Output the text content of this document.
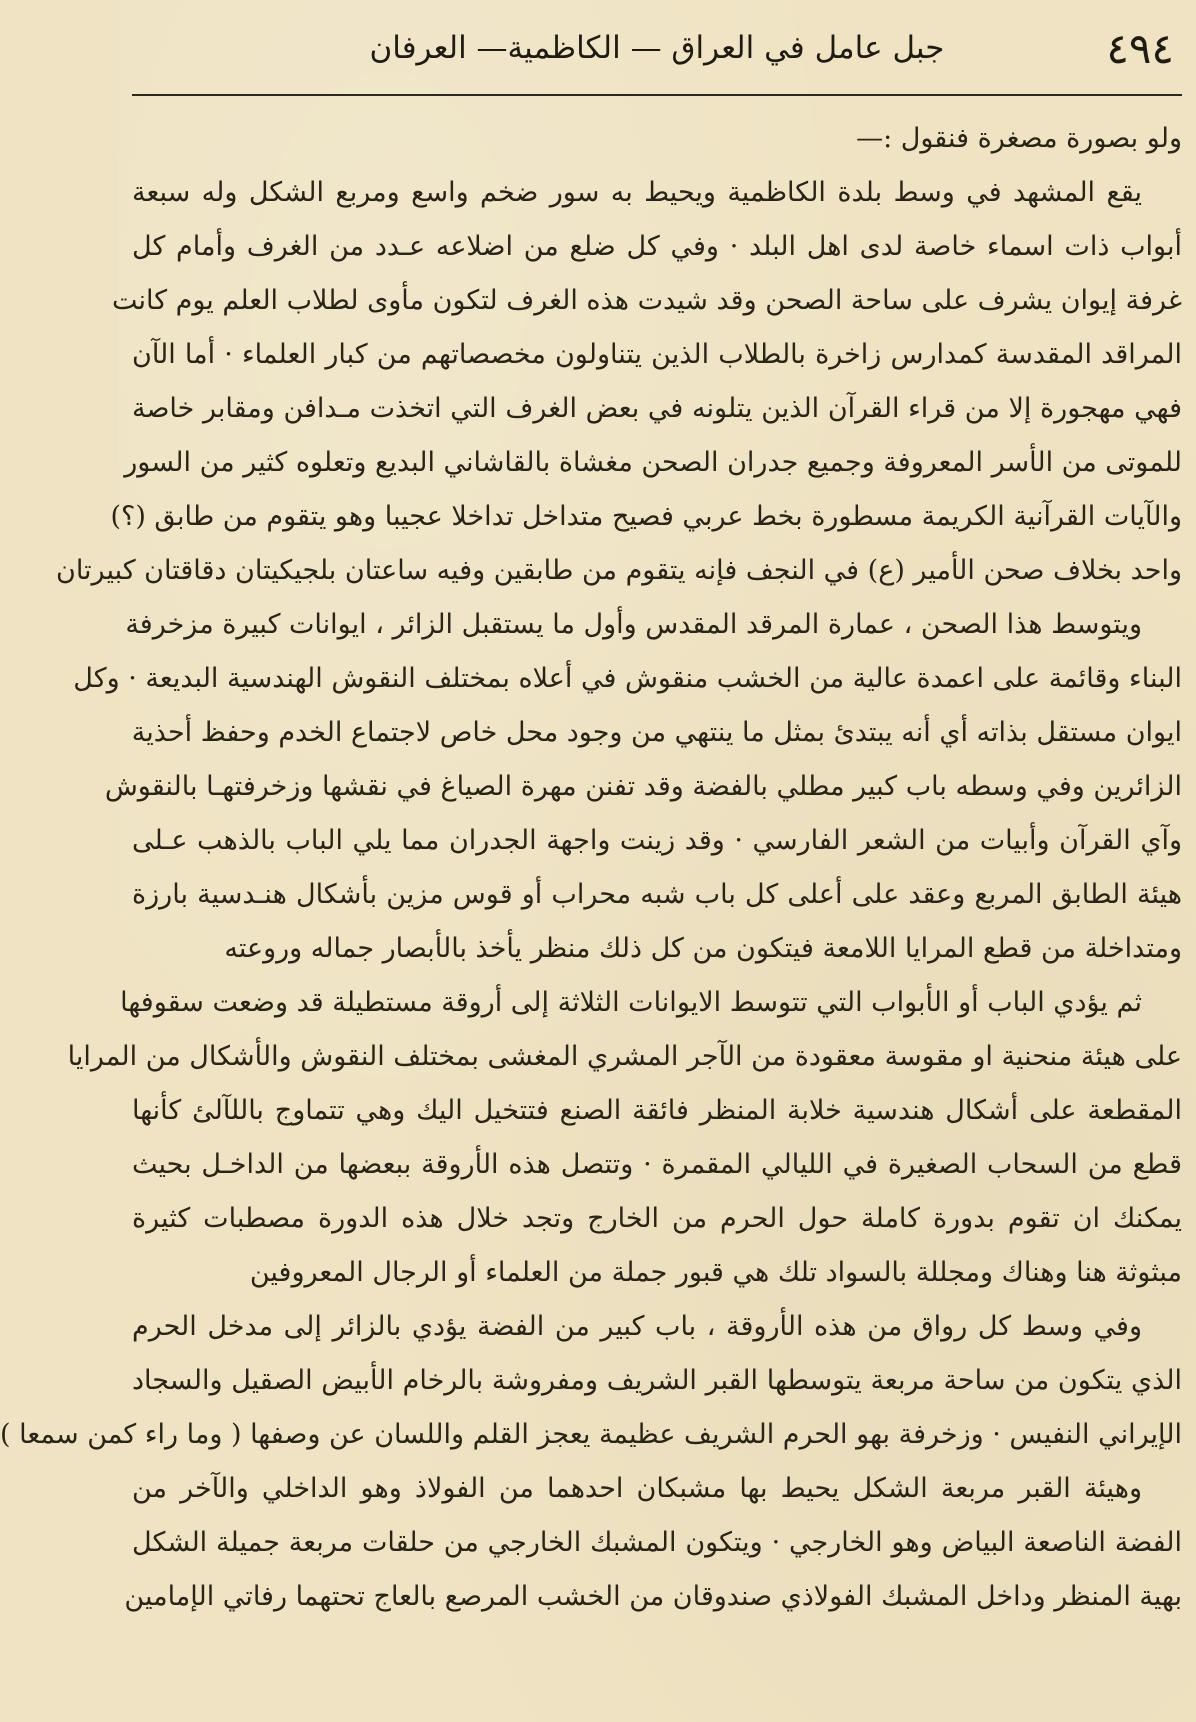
٤٩٤
جبل عامل في العراق — الكاظمية— العرفان
ولو بصورة مصغرة فنقول :—
يقع المشهد في وسط بلدة الكاظمية ويحيط به سور ضخم واسع ومربع الشكل وله سبعة
أبواب ذات اسماء خاصة لدى اهل البلد · وفي كل ضلع من اضلاعه عـدد من الغرف وأمام كل
غرفة إيوان يشرف على ساحة الصحن وقد شيدت هذه الغرف لتكون مأوى لطلاب العلم يوم كانت
المراقد المقدسة كمدارس زاخرة بالطلاب الذين يتناولون مخصصاتهم من كبار العلماء · أما الآن
فهي مهجورة إلا من قراء القرآن الذين يتلونه في بعض الغرف التي اتخذت مـدافن ومقابر خاصة
للموتى من الأسر المعروفة وجميع جدران الصحن مغشاة بالقاشاني البديع وتعلوه كثير من السور
والآيات القرآنية الكريمة مسطورة بخط عربي فصيح متداخل تداخلا عجيبا وهو يتقوم من طابق (؟)
واحد بخلاف صحن الأمير (ع) في النجف فإنه يتقوم من طابقين وفيه ساعتان بلجيكيتان دقاقتان كبيرتان
ويتوسط هذا الصحن ، عمارة المرقد المقدس وأول ما يستقبل الزائر ، ايوانات كبيرة مزخرفة
البناء وقائمة على اعمدة عالية من الخشب منقوش في أعلاه بمختلف النقوش الهندسية البديعة · وكل
ايوان مستقل بذاته أي أنه يبتدئ بمثل ما ينتهي من وجود محل خاص لاجتماع الخدم وحفظ أحذية
الزائرين وفي وسطه باب كبير مطلي بالفضة وقد تفنن مهرة الصياغ في نقشها وزخرفتهـا بالنقوش
وآي القرآن وأبيات من الشعر الفارسي · وقد زينت واجهة الجدران مما يلي الباب بالذهب عـلى
هيئة الطابق المربع وعقد على أعلى كل باب شبه محراب أو قوس مزين بأشكال هنـدسية بارزة
ومتداخلة من قطع المرايا اللامعة فيتكون من كل ذلك منظر يأخذ بالأبصار جماله وروعته
ثم يؤدي الباب أو الأبواب التي تتوسط الايوانات الثلاثة إلى أروقة مستطيلة قد وضعت سقوفها
على هيئة منحنية او مقوسة معقودة من الآجر المشري المغشى بمختلف النقوش والأشكال من المرايا
المقطعة على أشكال هندسية خلابة المنظر فائقة الصنع فتتخيل اليك وهي تتماوج باللآلئ كأنها
قطع من السحاب الصغيرة في الليالي المقمرة · وتتصل هذه الأروقة ببعضها من الداخـل بحيث
يمكنك ان تقوم بدورة كاملة حول الحرم من الخارج وتجد خلال هذه الدورة مصطبات كثيرة
مبثوثة هنا وهناك ومجللة بالسواد تلك هي قبور جملة من العلماء أو الرجال المعروفين
وفي وسط كل رواق من هذه الأروقة ، باب كبير من الفضة يؤدي بالزائر إلى مدخل الحرم
الذي يتكون من ساحة مربعة يتوسطها القبر الشريف ومفروشة بالرخام الأبيض الصقيل والسجاد
الإيراني النفيس · وزخرفة بهو الحرم الشريف عظيمة يعجز القلم واللسان عن وصفها ( وما راء كمن سمعا )
وهيئة القبر مربعة الشكل يحيط بها مشبكان احدهما من الفولاذ وهو الداخلي والآخر من
الفضة الناصعة البياض وهو الخارجي · ويتكون المشبك الخارجي من حلقات مربعة جميلة الشكل
بهية المنظر وداخل المشبك الفولاذي صندوقان من الخشب المرصع بالعاج تحتهما رفاتي الإمامين
